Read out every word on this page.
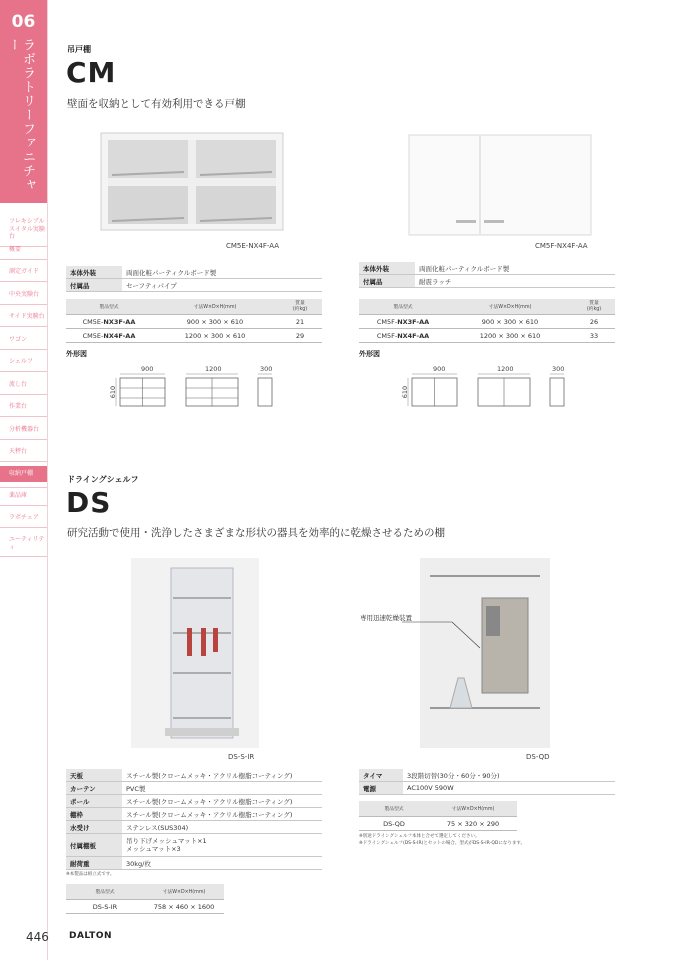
06
ラボラトリーファニチャー
フレキシブル
スイタル実験台
概要
測定ガイド
中央実験台
サイド実験台
ワゴン
シェルフ
流し台
作業台
分析機器台
天秤台
収納戸棚
薬品庫
ラボチェア
ユーティリティ
吊戸棚
CM
壁面を収納として有効利用できる戸棚
CM5E-NX4F-AA	CM5F-NX4F-AA
本体外装	両面化粧パーティクルボード製
付属品	セーフティパイプ
製品型式	寸法W×D×H(mm)	質量
(約kg)
CM5E-NX3F-AA	900 × 300 × 610	21
CM5E-NX4F-AA	1200 × 300 × 610	29
外形図
900	1200	300
610
本体外装	両面化粧パーティクルボード製
付属品	耐震ラッチ
製品型式	寸法W×D×H(mm)	質量
(約kg)
CM5F-NX3F-AA	900 × 300 × 610	26
CM5F-NX4F-AA	1200 × 300 × 610	33
外形図
900	1200	300
610
ドライングシェルフ
DS
研究活動で使用・洗浄したさまざまな形状の器具を効率的に乾燥させるための棚
DS-S-IR
専用迅速乾燥装置
DS-QD
天板	スチール製(クロームメッキ・アクリル樹脂コーティング)
カーテン	PVC製
ポール	スチール製(クロームメッキ・アクリル樹脂コーティング)
棚枠	スチール製(クロームメッキ・アクリル樹脂コーティング)
水受け	ステンレス(SUS304)
付属棚板	吊り下げメッシュマット×1
メッシュマット×3
耐荷重	30kg/枚
※本製品は組立式です。
製品型式	寸法W×D×H(mm)
DS-S-IR	758 × 460 × 1600
タイマ	3段階切替(30分・60分・90分)
電源	AC100V 590W
製品型式	寸法W×D×H(mm)
DS-QD	75 × 320 × 290
※別途ドライングシェルフ本体と合せて選定してください。
※ドライングシェルフ(DS-S-IR)とセットの場合、型式がDS-S-IR-QDになります。
446 DALTON
